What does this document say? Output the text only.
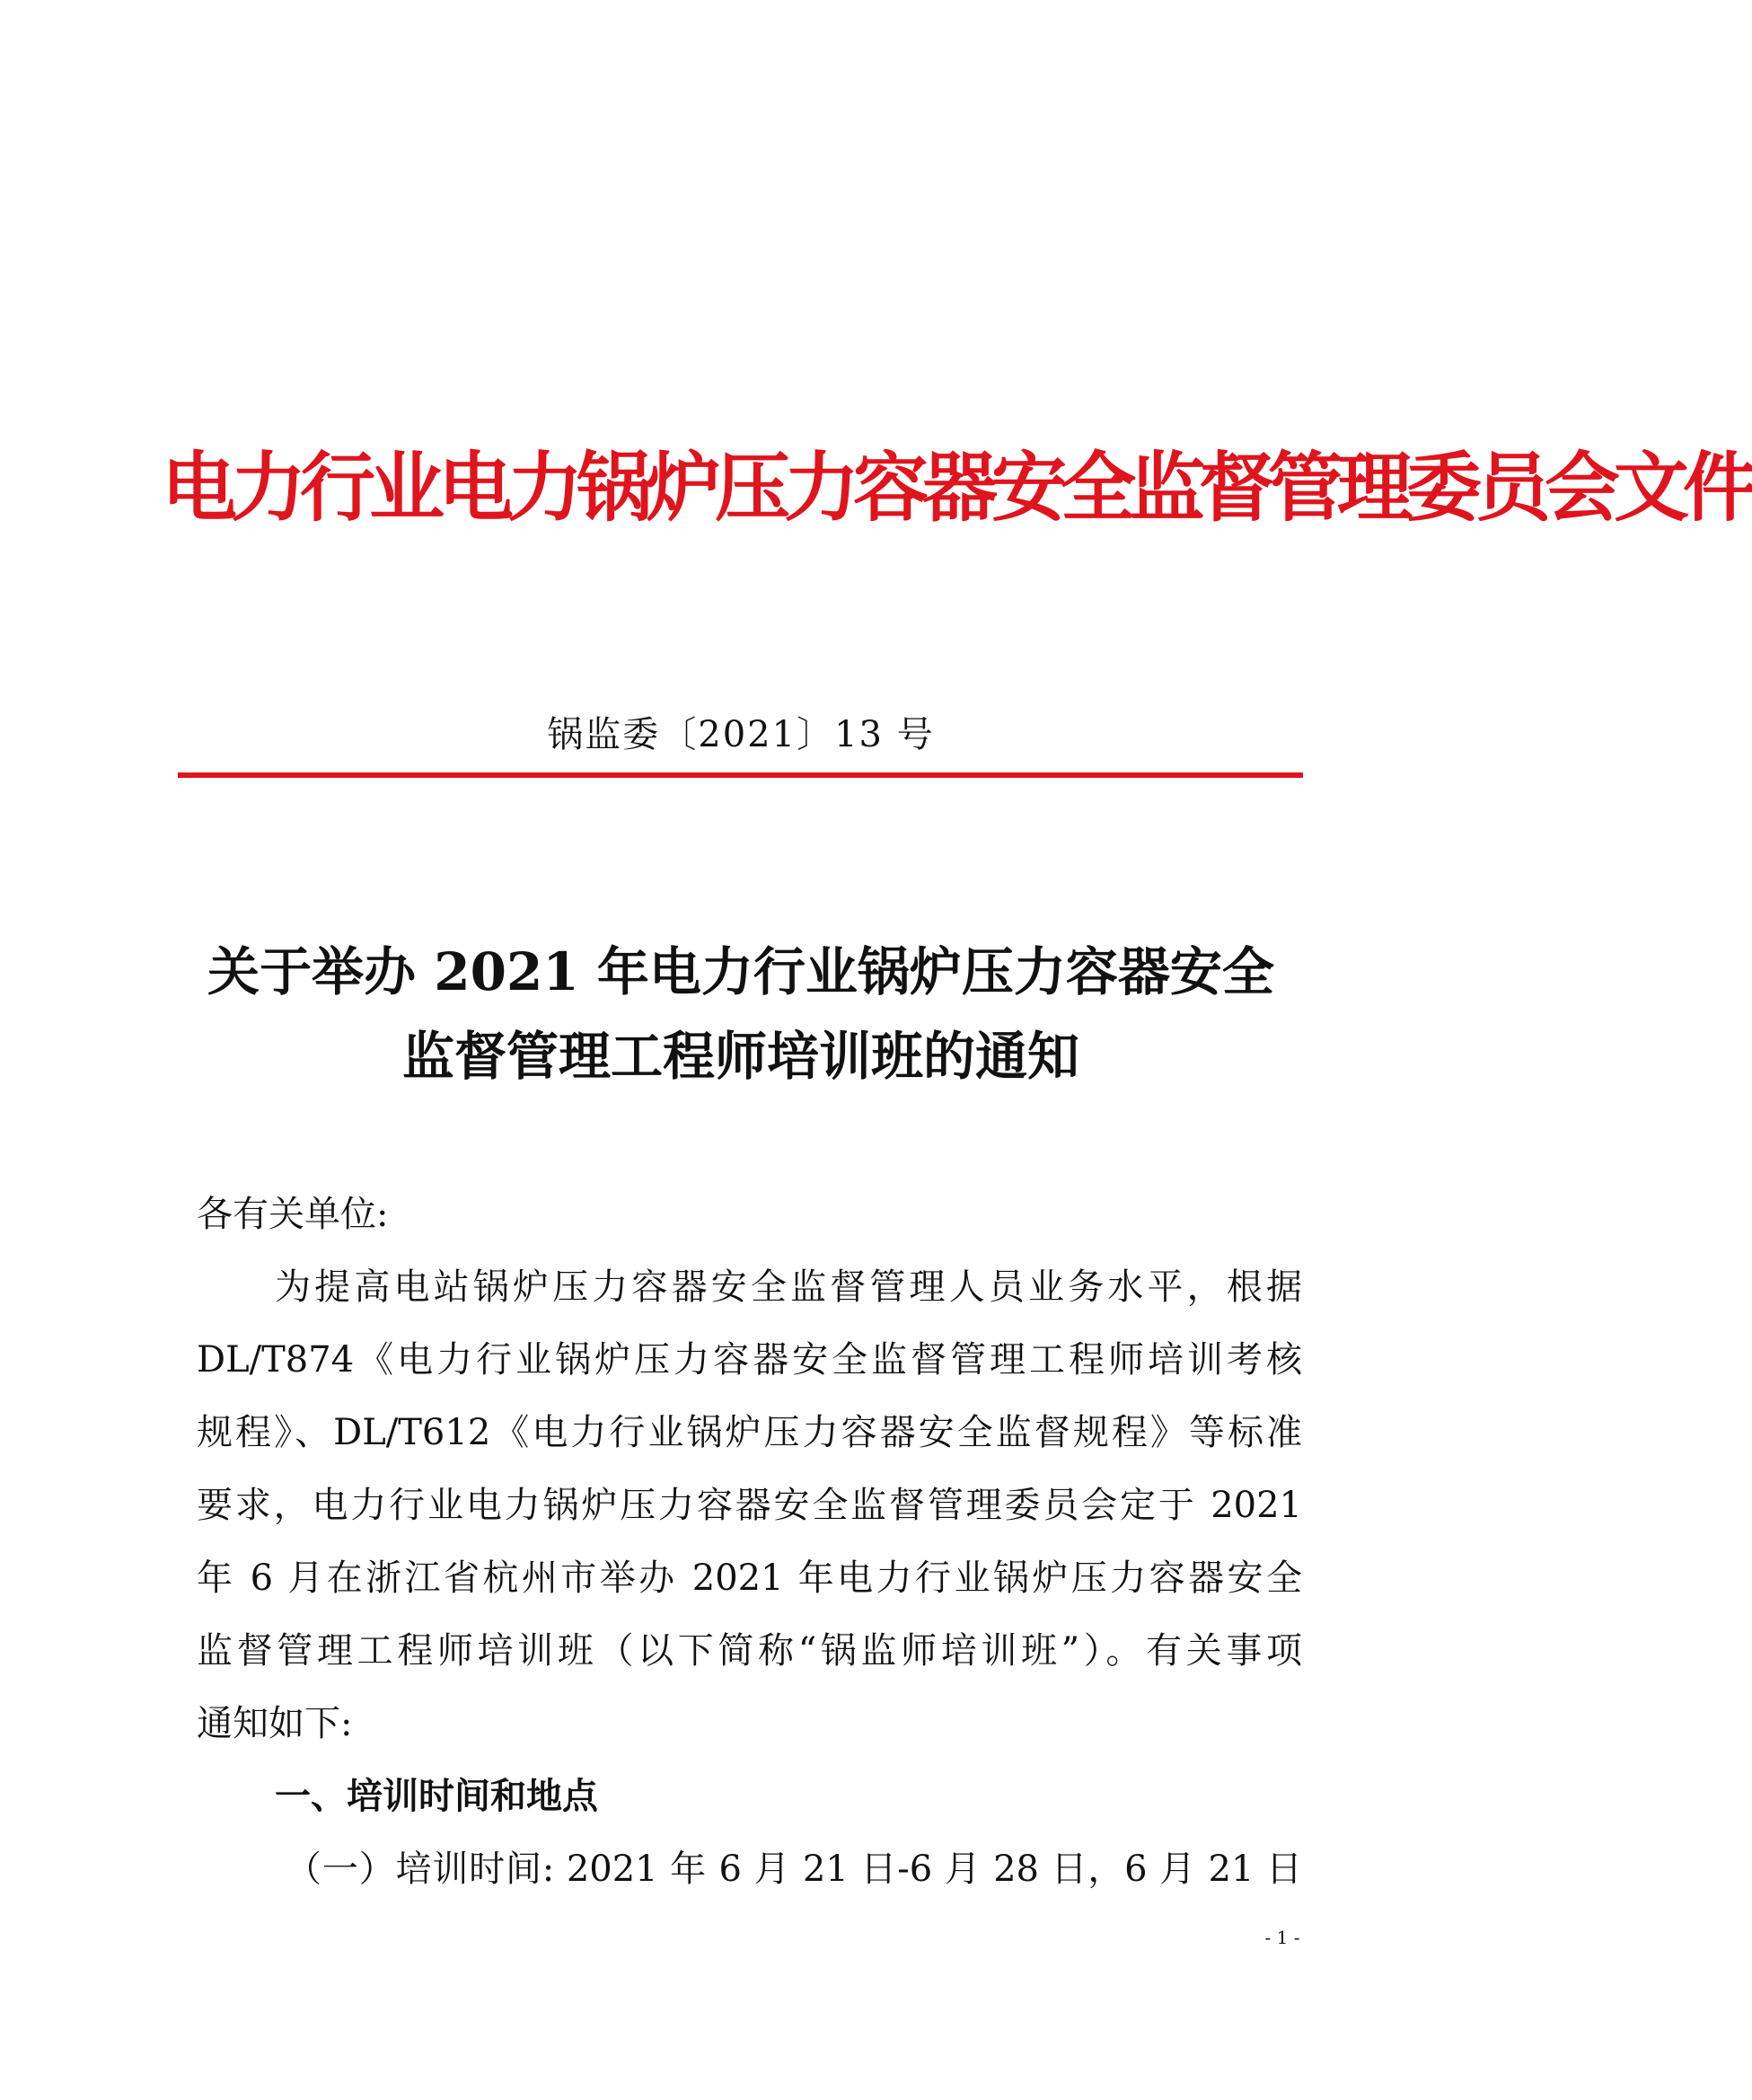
电力行业电力锅炉压力容器安全监督管理委员会文件
锅监委〔2021〕13 号
关于举办 2021 年电力行业锅炉压力容器安全
监督管理工程师培训班的通知
各有关单位:
为提高电站锅炉压力容器安全监督管理人员业务水平，根据
DL/T874《电力行业锅炉压力容器安全监督管理工程师培训考核
规程》、DL/T612《电力行业锅炉压力容器安全监督规程》等标准
要求，电力行业电力锅炉压力容器安全监督管理委员会定于 2021
年 6 月在浙江省杭州市举办 2021 年电力行业锅炉压力容器安全
监督管理工程师培训班（以下简称“锅监师培训班”）。有关事项
通知如下:
一、培训时间和地点
（一）培训时间: 2021 年 6 月 21 日-6 月 28 日，6 月 21 日
- 1 -
